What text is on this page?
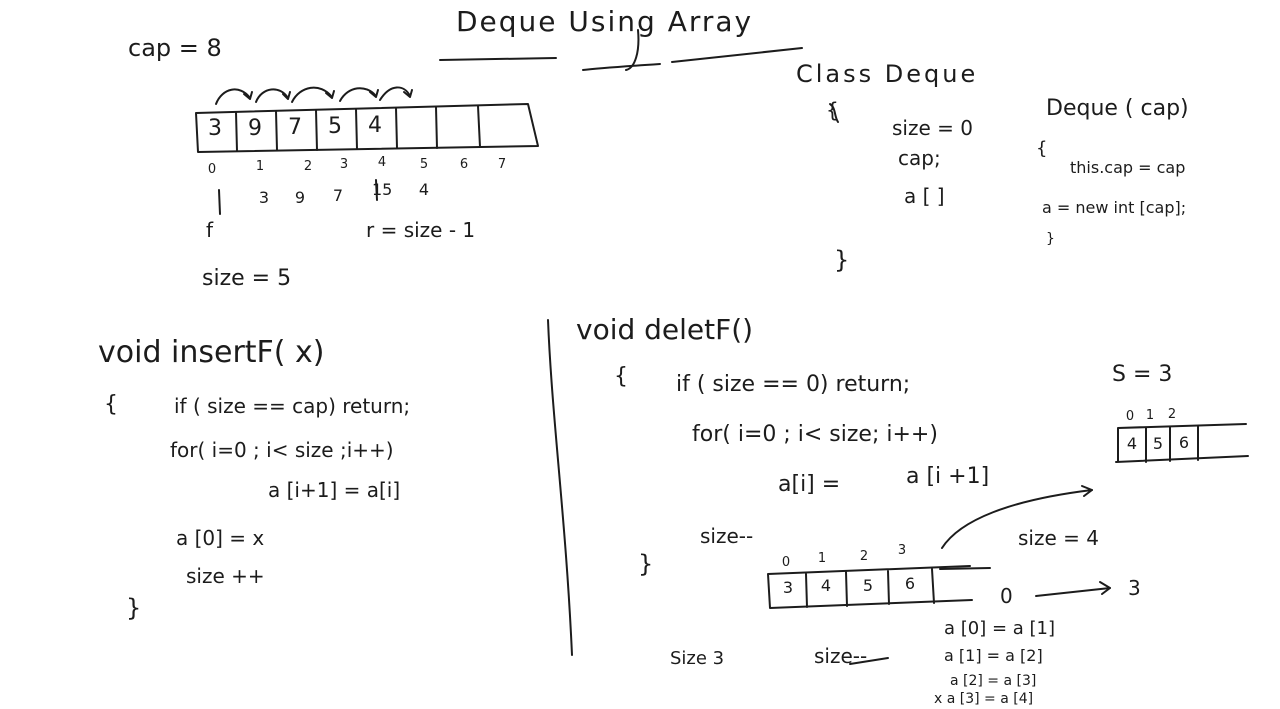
Deque Using Array
cap = 8
3	9	7	5	4
0	1	2	3	4	5	6	7
3	9	7	15	4
f	r = size - 1
size = 5
Class Deque
{
size = 0
cap;
a [ ]
}
Deque ( cap)
{
this.cap = cap
a = new int [cap];
}
void insertF( x)
{	if ( size == cap) return;
for( i=0 ; i< size ;i++)
a [i+1] = a[i]
a [0] = x
size ++
}
void deletF()
{ if ( size == 0) return;
for( i=0 ; i< size; i++)
a[i] =	a [i +1]
size--
}
S = 3
0 1	2
4 5 6
0	1	2	3
3	4	5	6
size = 4
0	3
Size 3	size--
a [0] = a [1]
a [1] = a [2]
a [2] = a [3]
x a [3] = a [4]
